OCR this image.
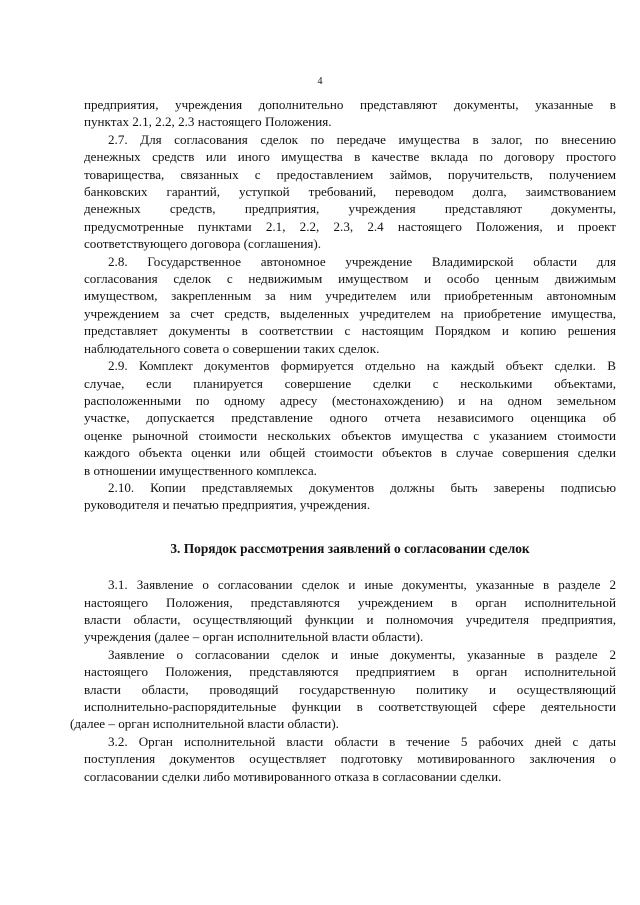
4
предприятия, учреждения дополнительно представляют документы, указанные в
пунктах 2.1, 2.2, 2.3 настоящего Положения.
2.7. Для согласования сделок по передаче имущества в залог, по внесению
денежных средств или иного имущества в качестве вклада по договору простого
товарищества, связанных с предоставлением займов, поручительств, получением
банковских гарантий, уступкой требований, переводом долга, заимствованием
денежных средств, предприятия, учреждения представляют документы,
предусмотренные пунктами 2.1, 2.2, 2.3, 2.4 настоящего Положения, и проект
соответствующего договора (соглашения).
2.8. Государственное автономное учреждение Владимирской области для
согласования сделок с недвижимым имуществом и особо ценным движимым
имуществом, закрепленным за ним учредителем или приобретенным автономным
учреждением за счет средств, выделенных учредителем на приобретение имущества,
представляет документы в соответствии с настоящим Порядком и копию решения
наблюдательного совета о совершении таких сделок.
2.9. Комплект документов формируется отдельно на каждый объект сделки. В
случае, если планируется совершение сделки с несколькими объектами,
расположенными по одному адресу (местонахождению) и на одном земельном
участке, допускается представление одного отчета независимого оценщика об
оценке рыночной стоимости нескольких объектов имущества с указанием стоимости
каждого объекта оценки или общей стоимости объектов в случае совершения сделки
в отношении имущественного комплекса.
2.10. Копии представляемых документов должны быть заверены подписью
руководителя и печатью предприятия, учреждения.
3. Порядок рассмотрения заявлений о согласовании сделок
3.1. Заявление о согласовании сделок и иные документы, указанные в разделе 2
настоящего Положения, представляются учреждением в орган исполнительной
власти области, осуществляющий функции и полномочия учредителя предприятия,
учреждения (далее – орган исполнительной власти области).
Заявление о согласовании сделок и иные документы, указанные в разделе 2
настоящего Положения, представляются предприятием в орган исполнительной
власти области, проводящий государственную политику и осуществляющий
исполнительно-распорядительные функции в соответствующей сфере деятельности
(далее – орган исполнительной власти области).
3.2. Орган исполнительной власти области в течение 5 рабочих дней с даты
поступления документов осуществляет подготовку мотивированного заключения о
согласовании сделки либо мотивированного отказа в согласовании сделки.
